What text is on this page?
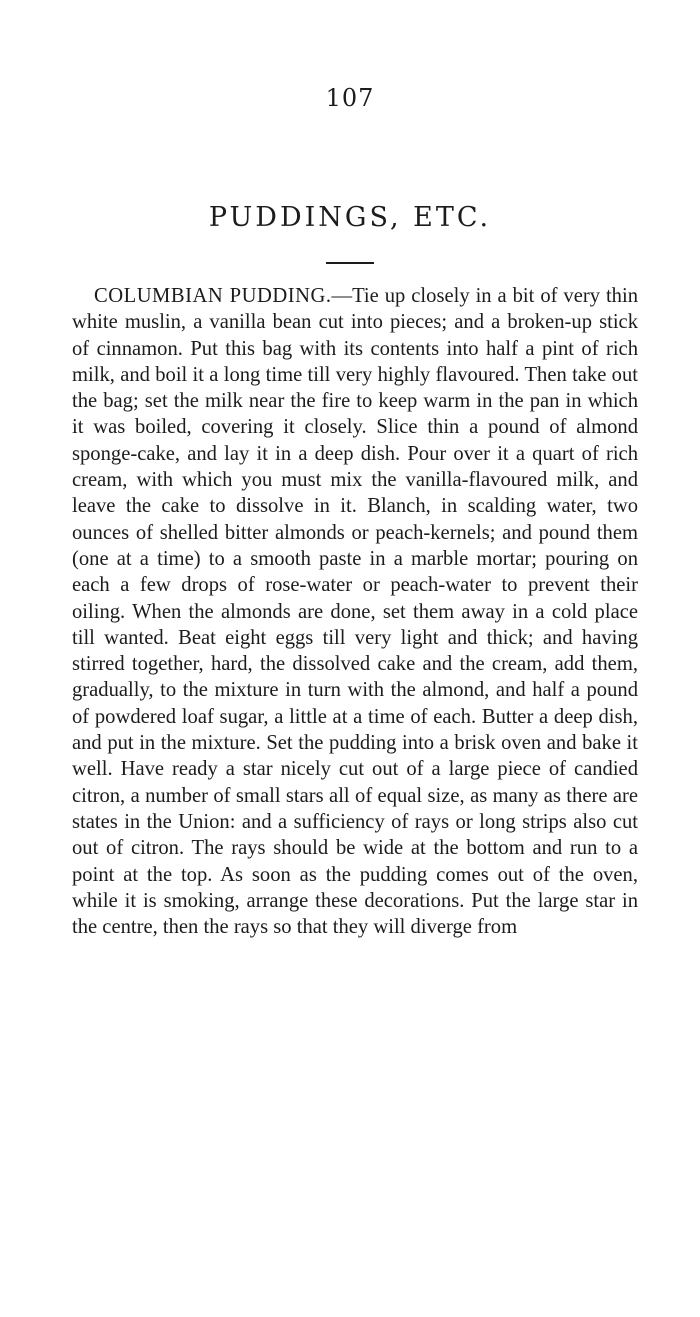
107
PUDDINGS, ETC.

COLUMBIAN PUDDING.—Tie up closely in a bit of very thin white muslin, a vanilla bean cut into pieces; and a broken-up stick of cinnamon. Put this bag with its contents into half a pint of rich milk, and boil it a long time till very highly flavoured. Then take out the bag; set the milk near the fire to keep warm in the pan in which it was boiled, covering it closely. Slice thin a pound of almond sponge-cake, and lay it in a deep dish. Pour over it a quart of rich cream, with which you must mix the vanilla-flavoured milk, and leave the cake to dissolve in it. Blanch, in scalding water, two ounces of shelled bitter almonds or peach-kernels; and pound them (one at a time) to a smooth paste in a marble mortar; pouring on each a few drops of rose-water or peach-water to prevent their oiling. When the almonds are done, set them away in a cold place till wanted. Beat eight eggs till very light and thick; and having stirred together, hard, the dissolved cake and the cream, add them, gradually, to the mixture in turn with the almond, and half a pound of powdered loaf sugar, a little at a time of each. Butter a deep dish, and put in the mixture. Set the pudding into a brisk oven and bake it well. Have ready a star nicely cut out of a large piece of candied citron, a number of small stars all of equal size, as many as there are states in the Union: and a sufficiency of rays or long strips also cut out of citron. The rays should be wide at the bottom and run to a point at the top. As soon as the pudding comes out of the oven, while it is smoking, arrange these decorations. Put the large star in the centre, then the rays so that they will diverge from
